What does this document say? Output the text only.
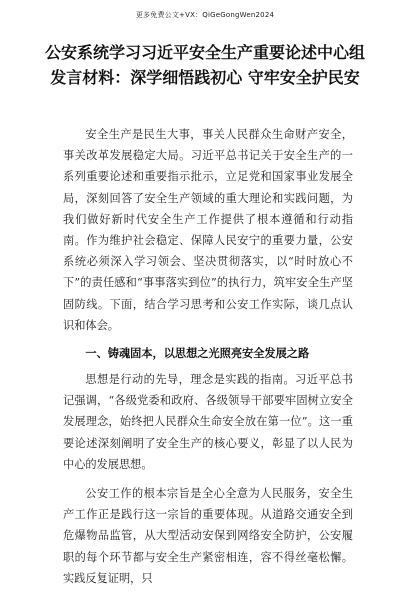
更多免费公文+VX：QiGeGongWen2024
公安系统学习习近平安全生产重要论述中心组
发言材料：深学细悟践初心 守牢安全护民安

安全生产是民生大事，事关人民群众生命财产安全，事关改革发展稳定大局。习近平总书记关于安全生产的一系列重要论述和重要指示批示，立足党和国家事业发展全局，深刻回答了安全生产领域的重大理论和实践问题，为我们做好新时代安全生产工作提供了根本遵循和行动指南。作为维护社会稳定、保障人民安宁的重要力量，公安系统必须深入学习领会、坚决贯彻落实，以“时时放心不下”的责任感和“事事落实到位”的执行力，筑牢安全生产坚固防线。下面，结合学习思考和公安工作实际，谈几点认识和体会。

一、铸魂固本，以思想之光照亮安全发展之路

思想是行动的先导，理念是实践的指南。习近平总书记强调，“各级党委和政府、各级领导干部要牢固树立安全发展理念，始终把人民群众生命安全放在第一位”。这一重要论述深刻阐明了安全生产的核心要义，彰显了以人民为中心的发展思想。

公安工作的根本宗旨是全心全意为人民服务，安全生产工作正是践行这一宗旨的重要体现。从道路交通安全到危爆物品监管，从大型活动安保到网络安全防护，公安履职的每个环节都与安全生产紧密相连，容不得丝毫松懈。实践反复证明，只
